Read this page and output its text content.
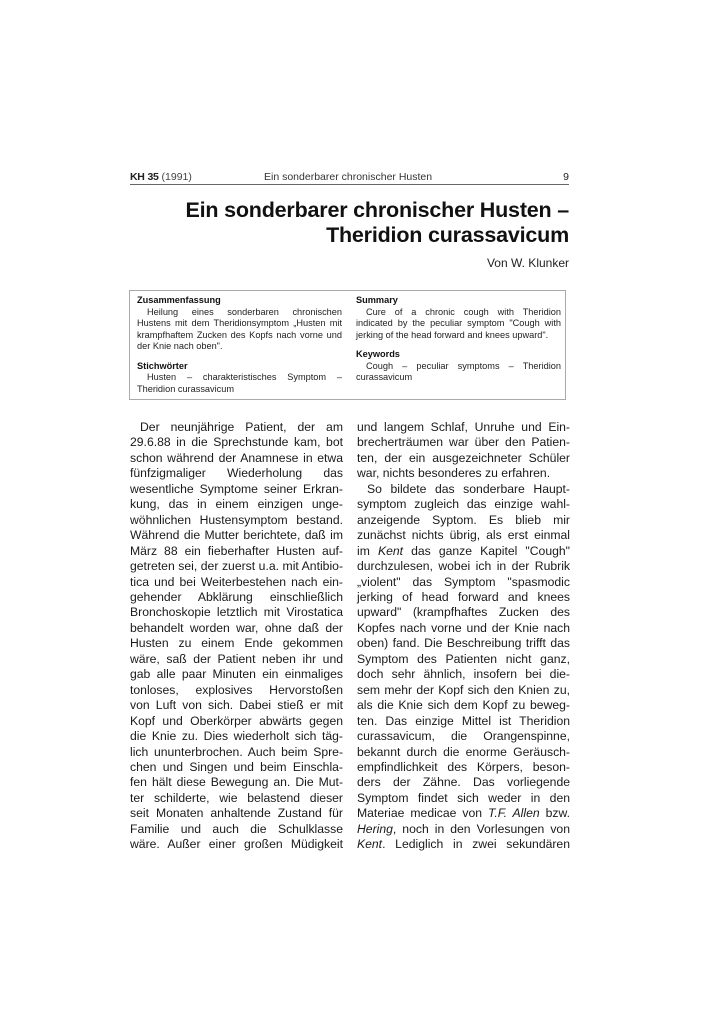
KH 35 (1991)	Ein sonderbarer chronischer Husten	9
Ein sonderbarer chronischer Husten –
Theridion curassavicum
Von W. Klunker
Zusammenfassung

Heilung eines sonderbaren chronischen Hustens mit dem Theridionsymptom „Husten mit krampfhaftem Zucken des Kopfs nach vorne und der Knie nach oben".

Stichwörter

Husten – charakteristisches Symptom – Theridion curassavicum

Summary

Cure of a chronic cough with Theridion indicated by the peculiar symptom "Cough with jerking of the head forward and knees upward".

Keywords

Cough – peculiar symptoms – Theridion curassavicum

Der neunjährige Patient, der am
29.6.88 in die Sprechstunde kam, bot
schon während der Anamnese in etwa
fünfzigmaliger Wiederholung das
wesentliche Symptome seiner Erkran-
kung, das in einem einzigen unge-
wöhnlichen Hustensymptom bestand.
Während die Mutter berichtete, daß im
März 88 ein fieberhafter Husten auf-
getreten sei, der zuerst u.a. mit Antibio-
tica und bei Weiterbestehen nach ein-
gehender Abklärung einschließlich
Bronchoskopie letztlich mit Virostatica
behandelt worden war, ohne daß der
Husten zu einem Ende gekommen
wäre, saß der Patient neben ihr und
gab alle paar Minuten ein einmaliges
tonloses, explosives Hervorstoßen
von Luft von sich. Dabei stieß er mit
Kopf und Oberkörper abwärts gegen
die Knie zu. Dies wiederholt sich täg-
lich ununterbrochen. Auch beim Spre-
chen und Singen und beim Einschla-
fen hält diese Bewegung an. Die Mut-
ter schilderte, wie belastend dieser
seit Monaten anhaltende Zustand für
Familie und auch die Schulklasse
wäre. Außer einer großen Müdigkeit
und langem Schlaf, Unruhe und Ein-
brecherträumen war über den Patien-
ten, der ein ausgezeichneter Schüler
war, nichts besonderes zu erfahren.
So bildete das sonderbare Haupt-
symptom zugleich das einzige wahl-
anzeigende Syptom. Es blieb mir
zunächst nichts übrig, als erst einmal
im Kent das ganze Kapitel "Cough"
durchzulesen, wobei ich in der Rubrik
„violent" das Symptom "spasmodic
jerking of head forward and knees
upward" (krampfhaftes Zucken des
Kopfes nach vorne und der Knie nach
oben) fand. Die Beschreibung trifft das
Symptom des Patienten nicht ganz,
doch sehr ähnlich, insofern bei die-
sem mehr der Kopf sich den Knien zu,
als die Knie sich dem Kopf zu beweg-
ten. Das einzige Mittel ist Theridion
curassavicum, die Orangenspinne,
bekannt durch die enorme Geräusch-
empfindlichkeit des Körpers, beson-
ders der Zähne. Das vorliegende
Symptom findet sich weder in den
Materiae medicae von T.F. Allen bzw.
Hering, noch in den Vorlesungen von
Kent. Lediglich in zwei sekundären
